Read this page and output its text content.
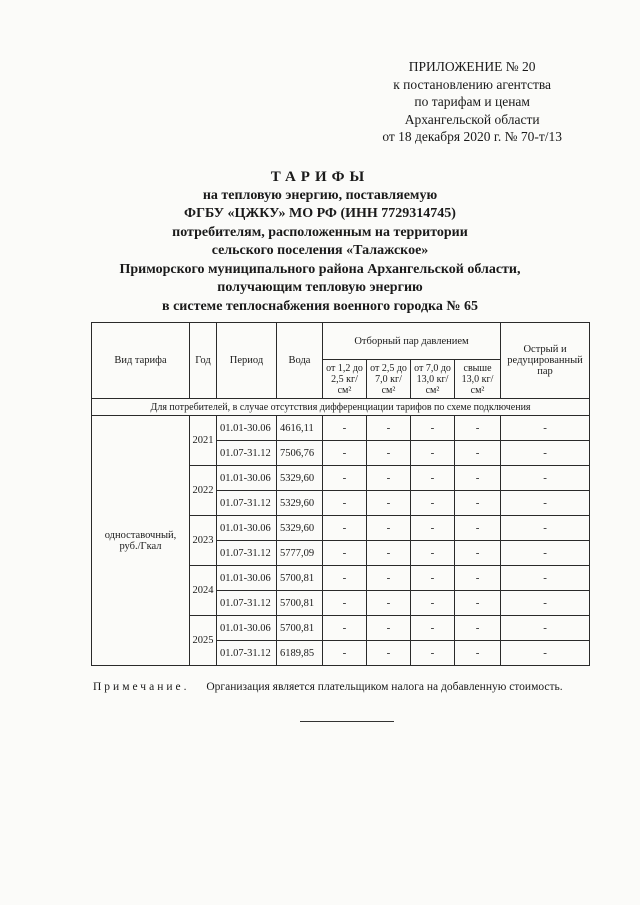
ПРИЛОЖЕНИЕ № 20
к постановлению агентства
по тарифам и ценам
Архангельской области
от 18 декабря 2020 г. № 70-т/13
ТАРИФЫ
на тепловую энергию, поставляемую
ФГБУ «ЦЖКУ» МО РФ (ИНН 7729314745)
потребителям, расположенным на территории
сельского поселения «Талажское»
Приморского муниципального района Архангельской области,
получающим тепловую энергию
в системе теплоснабжения военного городка № 65
Вид тарифа	Год	Период	Вода	Отборный пар давлением				Острый и редуцированный пар
				от 1,2 до 2,5 кг/см²	от 2,5 до 7,0 кг/см²	от 7,0 до 13,0 кг/см²	свыше 13,0 кг/см²	
Для потребителей, в случае отсутствия дифференциации тарифов по схеме подключения								
одноставочный, руб./Гкал	2021	01.01-30.06	4616,11	-	-	-	-	-
		01.07-31.12	7506,76	-	-	-	-	-
	2022	01.01-30.06	5329,60	-	-	-	-	-
		01.07-31.12	5329,60	-	-	-	-	-
	2023	01.01-30.06	5329,60	-	-	-	-	-
		01.07-31.12	5777,09	-	-	-	-	-
	2024	01.01-30.06	5700,81	-	-	-	-	-
		01.07-31.12	5700,81	-	-	-	-	-
	2025	01.01-30.06	5700,81	-	-	-	-	-
		01.07-31.12	6189,85	-	-	-	-	-
Примечание. Организация является плательщиком налога на добавленную стоимость.
